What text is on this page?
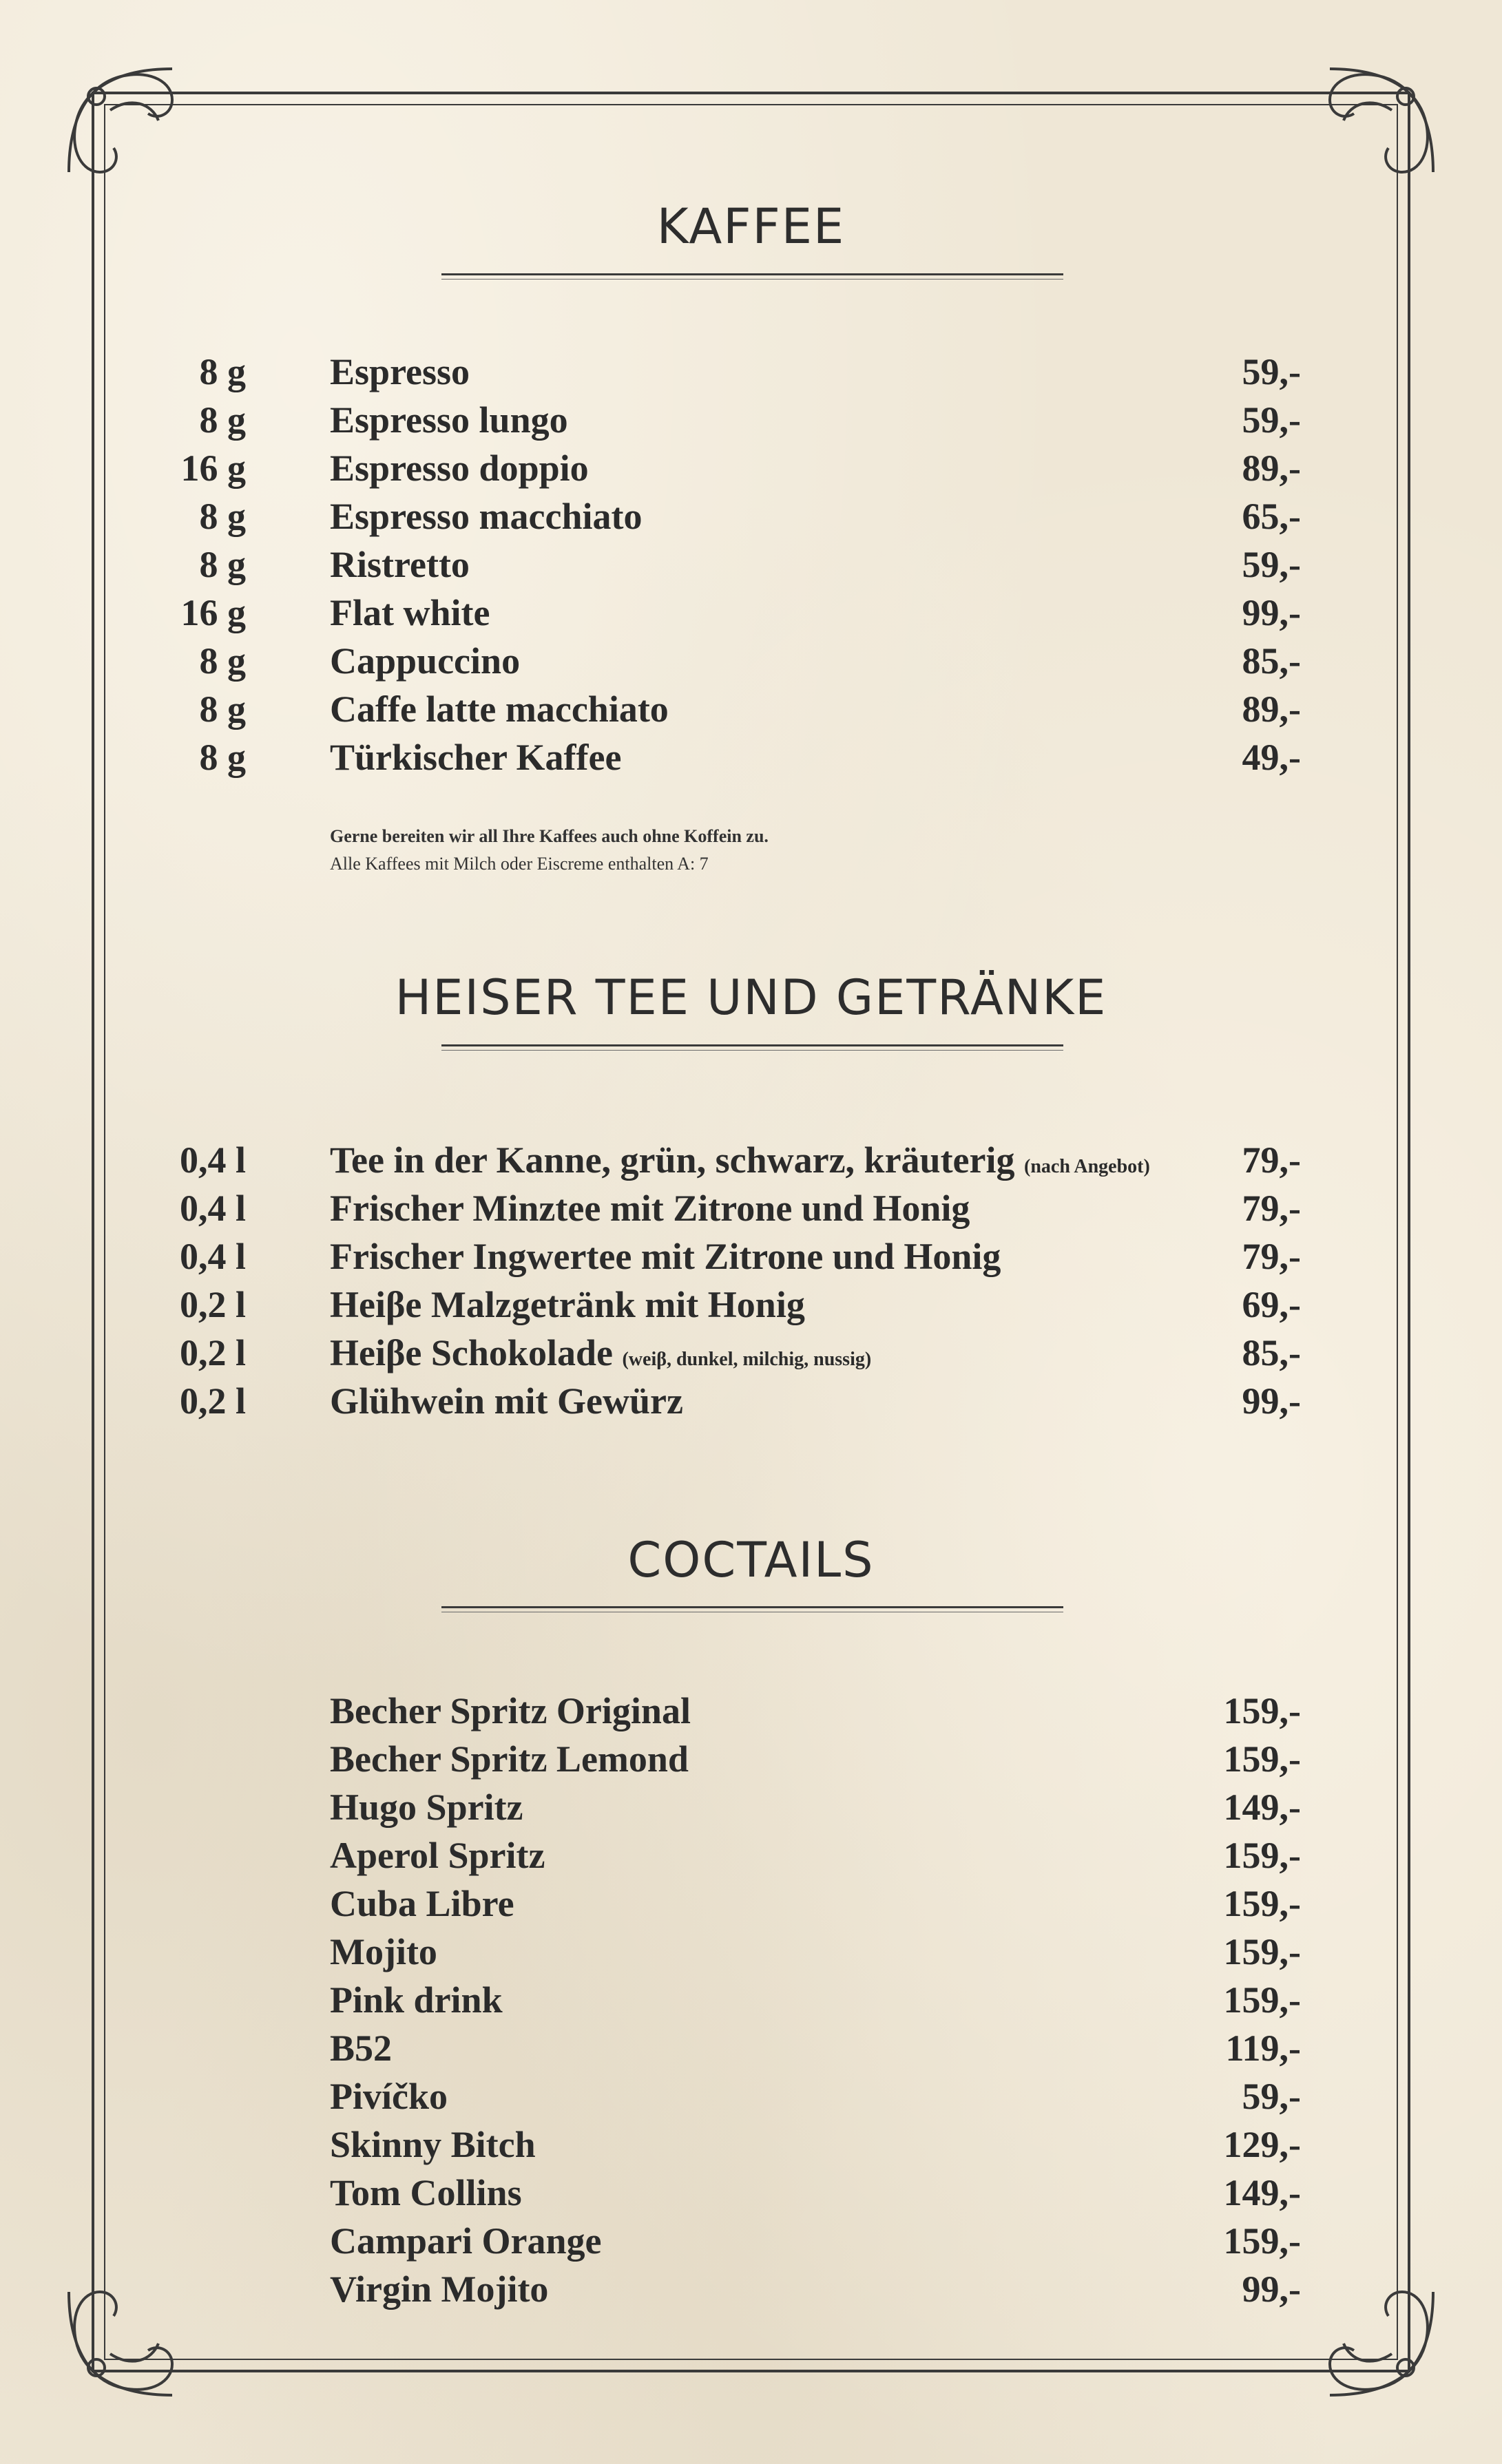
KAFFEE
8 g Espresso	59,-
8 g Espresso lungo	59,-
16 g Espresso doppio	89,-
8 g Espresso macchiato	65,-
8 g Ristretto	59,-
16 g Flat white	99,-
8 g Cappuccino	85,-
8 g Caffe latte macchiato	89,-
8 g Türkischer Kaffee	49,-
Gerne bereiten wir all Ihre Kaffees auch ohne Koffein zu.
Alle Kaffees mit Milch oder Eiscreme enthalten A: 7
HEISER TEE UND GETRÄNKE
0,4 l Tee in der Kanne, grün, schwarz, kräuterig (nach Angebot) 79,-
0,4 l Frischer Minztee mit Zitrone und Honig	79,-
0,4 l Frischer Ingwertee mit Zitrone und Honig	79,-
0,2 l Heiβe Malzgetränk mit Honig	69,-
0,2 l Heiβe Schokolade (weiβ, dunkel, milchig, nussig)	85,-
0,2 l Glühwein mit Gewürz	99,-
COCTAILS
Becher Spritz Original	159,-
Becher Spritz Lemond	159,-
Hugo Spritz	149,-
Aperol Spritz	159,-
Cuba Libre	159,-
Mojito	159,-
Pink drink	159,-
B52	119,-
Pivíčko	59,-
Skinny Bitch	129,-
Tom Collins	149,-
Campari Orange	159,-
Virgin Mojito	99,-
